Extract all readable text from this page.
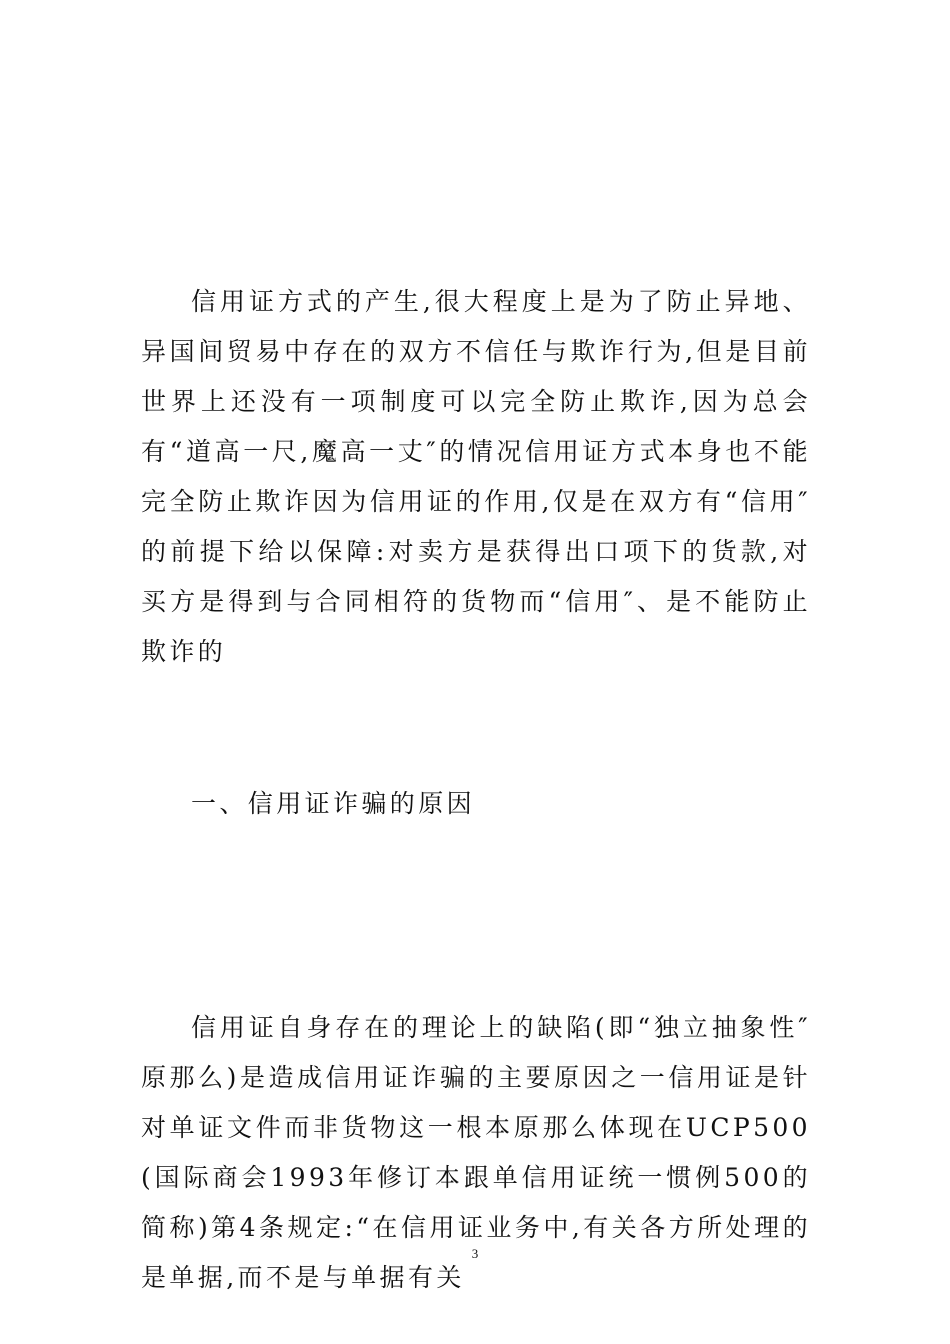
信用证方式的产生,很大程度上是为了防止异地、异国间贸易中存在的双方不信任与欺诈行为,但是目前世界上还没有一项制度可以完全防止欺诈,因为总会有“道高一尺,魔高一丈″的情况信用证方式本身也不能完全防止欺诈因为信用证的作用,仅是在双方有“信用″的前提下给以保障:对卖方是获得出口项下的货款,对买方是得到与合同相符的货物而“信用″、是不能防止欺诈的

一、信用证诈骗的原因

信用证自身存在的理论上的缺陷(即“独立抽象性″原那么)是造成信用证诈骗的主要原因之一信用证是针对单证文件而非货物这一根本原那么体现在UCP500(国际商会1993年修订本跟单信用证统一惯例500的简称)第4条规定:“在信用证业务中,有关各方所处理的是单据,而不是与单据有关

3
